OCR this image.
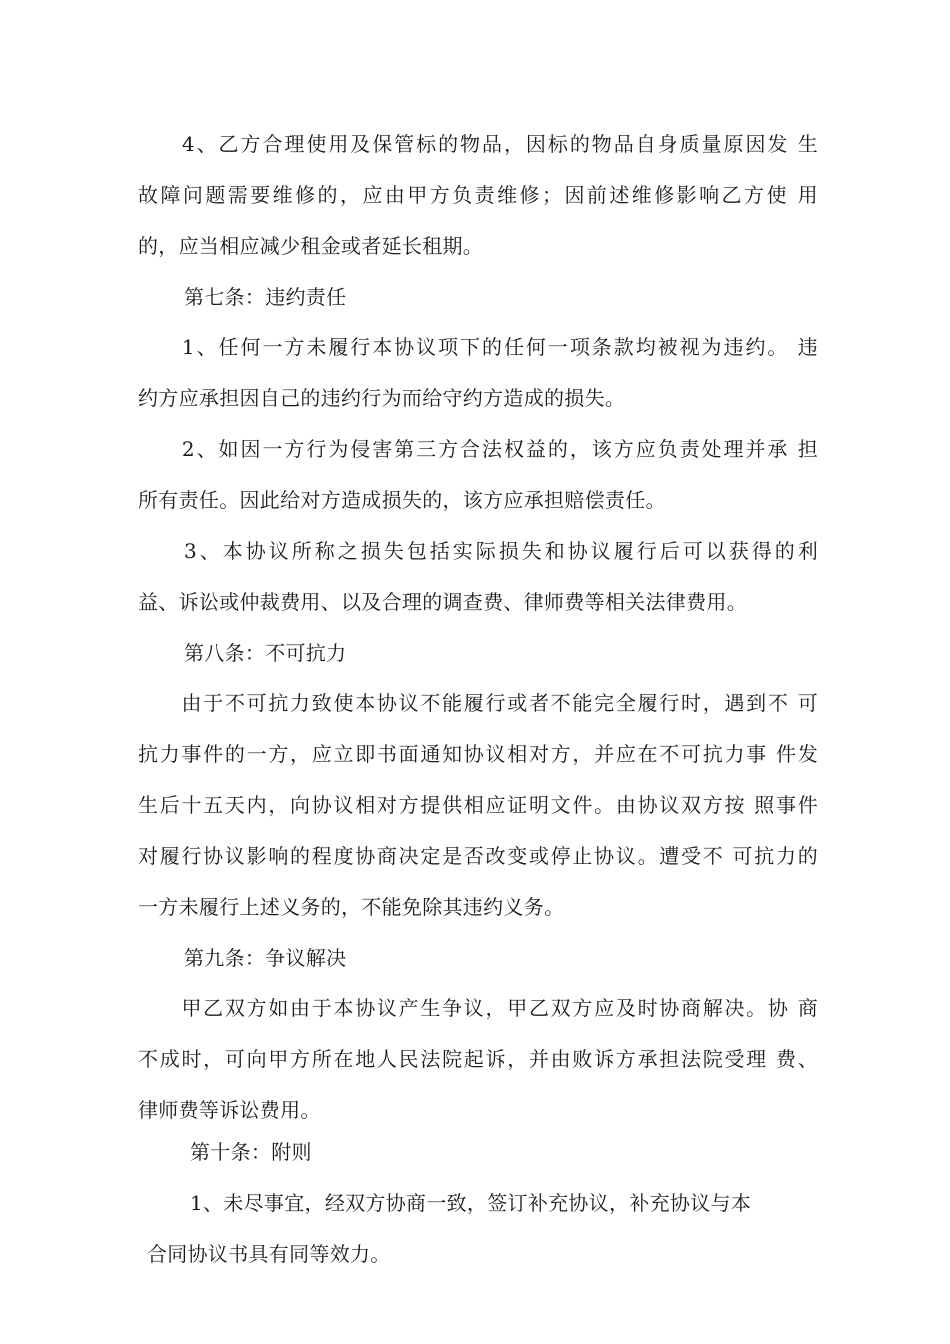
　　4、乙方合理使用及保管标的物品，因标的物品自身质量原因发 生
故障问题需要维修的，应由甲方负责维修；因前述维修影响乙方使 用
的，应当相应减少租金或者延长租期。
第七条：违约责任
　　1、任何一方未履行本协议项下的任何一项条款均被视为违约。 违
约方应承担因自己的违约行为而给守约方造成的损失。
　　2、如因一方行为侵害第三方合法权益的，该方应负责处理并承 担
所有责任。因此给对方造成损失的，该方应承担赔偿责任。
　　3、本协议所称之损失包括实际损失和协议履行后可以获得的利
益、诉讼或仲裁费用、以及合理的调查费、律师费等相关法律费用。
第八条：不可抗力
　　由于不可抗力致使本协议不能履行或者不能完全履行时，遇到不 可
抗力事件的一方，应立即书面通知协议相对方，并应在不可抗力事 件发
生后十五天内，向协议相对方提供相应证明文件。由协议双方按 照事件
对履行协议影响的程度协商决定是否改变或停止协议。遭受不 可抗力的
一方未履行上述义务的，不能免除其违约义务。
第九条：争议解决
　　甲乙双方如由于本协议产生争议，甲乙双方应及时协商解决。协 商
不成时，可向甲方所在地人民法院起诉，并由败诉方承担法院受理 费、
律师费等诉讼费用。
第十条：附则
1、未尽事宜，经双方协商一致，签订补充协议，补充协议与本
合同协议书具有同等效力。
